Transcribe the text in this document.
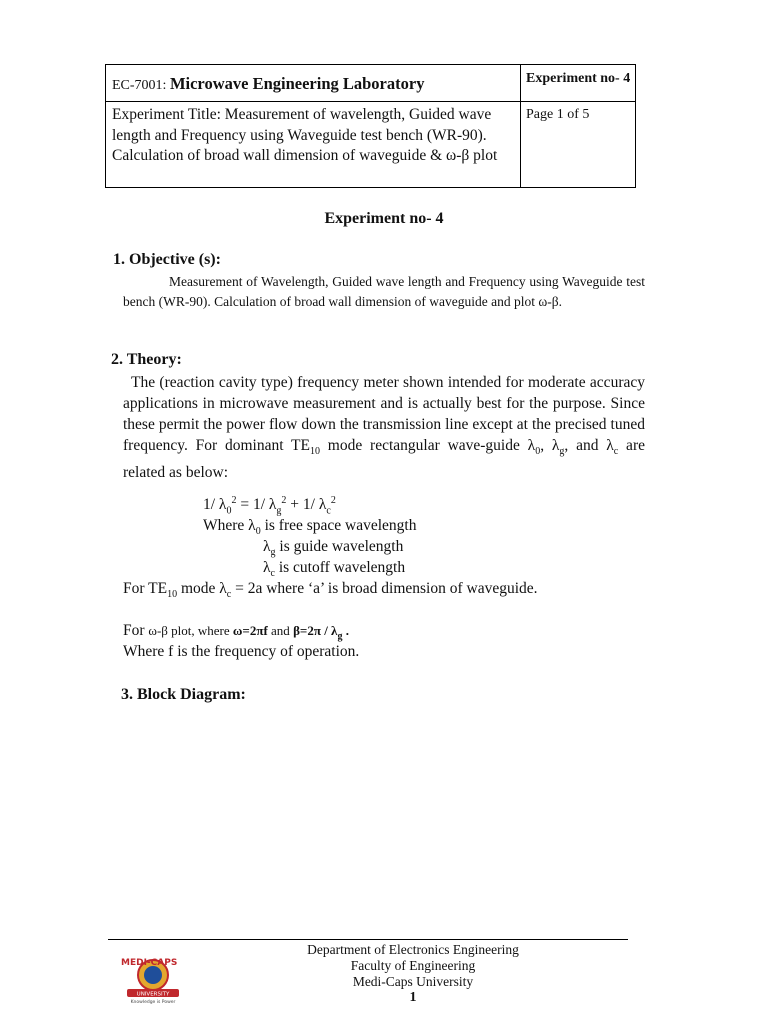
EC-7001: Microwave Engineering Laboratory	Experiment no- 4
Experiment Title: Measurement of wavelength, Guided wave length and Frequency using Waveguide test bench (WR-90). Calculation of broad wall dimension of waveguide & ω-β plot
Page 1 of 5
Experiment no- 4
1. Objective (s):
Measurement of Wavelength, Guided wave length and Frequency using Waveguide test bench (WR-90). Calculation of broad wall dimension of waveguide and plot ω-β.
2. Theory:
The (reaction cavity type) frequency meter shown intended for moderate accuracy applications in microwave measurement and is actually best for the purpose. Since these permit the power flow down the transmission line except at the precised tuned frequency. For dominant $TE_{10}$ mode rectangular wave-guide $\lambda_0$, $\lambda_g$, and $\lambda_c$ are related as below:
1/ $\lambda_0^2 = 1/$ $\lambda_g^2 + 1/$ $\lambda_c^2$
Where $\lambda_0$ is free space wavelength
$\lambda_g$ is guide wavelength
$\lambda_c$ is cutoff wavelength
For $TE_{10}$ mode $\lambda_c = 2a$ where ‘a’ is broad dimension of waveguide.
For ω-β plot, where ω=2πf and $\beta=2\pi / \lambda_g$ .
Where f is the frequency of operation.
3. Block Diagram:
MEDI-CAPS
UNIVERSITY
Knowledge is Power
Department of Electronics Engineering
Faculty of Engineering
Medi-Caps University
1
